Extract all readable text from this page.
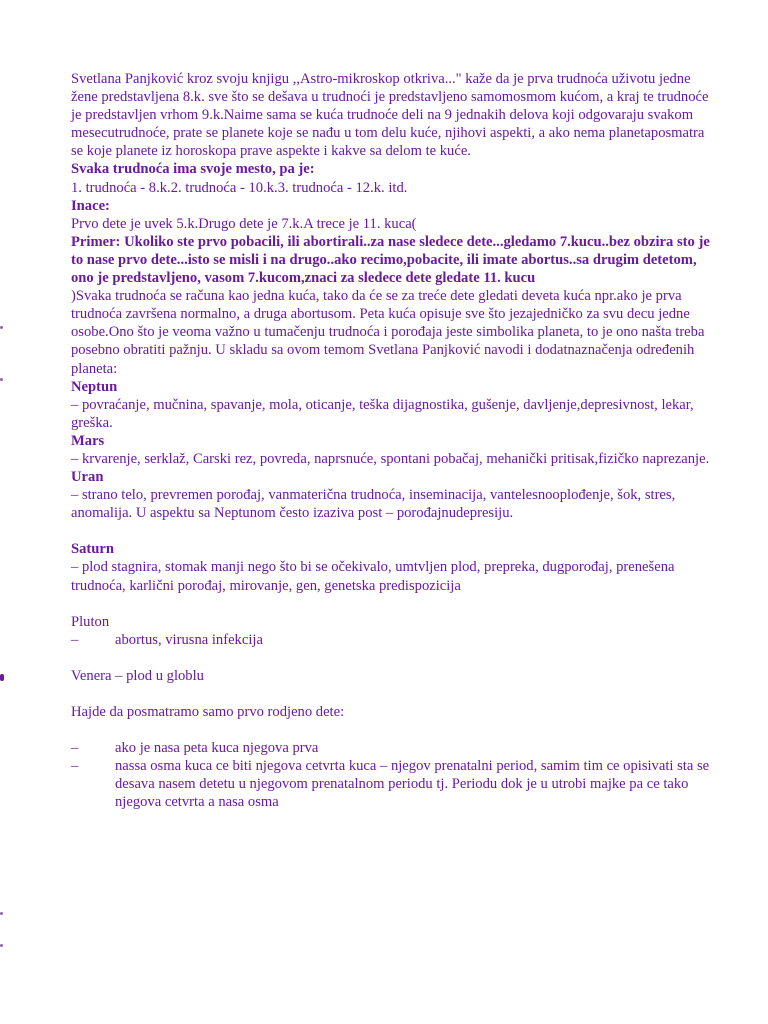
Svetlana Panjković kroz svoju knjigu ,,Astro-mikroskop otkriva..." kaže da je prva trudnoća uživotu jedne žene predstavljena 8.k. sve što se dešava u trudnoći je predstavljeno samomosmom kućom, a kraj te trudnoće je predstavljen vrhom 9.k.Naime sama se kuća trudnoće deli na 9 jednakih delova koji odgovaraju svakom mesecutrudnoće, prate se planete koje se nađu u tom delu kuće, njihovi aspekti, a ako nema planetaposmatra se koje planete iz horoskopa prave aspekte i kakve sa delom te kuće.

Svaka trudnoća ima svoje mesto, pa je:

1. trudnoća - 8.k.2. trudnoća - 10.k.3. trudnoća - 12.k. itd.

Inace:

Prvo dete je uvek 5.k.Drugo dete je 7.k.A trece je 11. kuca(

Primer: Ukoliko ste prvo pobacili, ili abortirali..za nase sledece dete...gledamo 7.kucu..bez obzira sto je to nase prvo dete...isto se misli i na drugo..ako recimo,pobacite, ili imate abortus..sa drugim detetom, ono je predstavljeno, vasom 7.kucom,znaci za sledece dete gledate 11. kucu

)Svaka trudnoća se računa kao jedna kuća, tako da će se za treće dete gledati deveta kuća npr.ako je prva trudnoća završena normalno, a druga abortusom. Peta kuća opisuje sve što jezajedničko za svu decu jedne osobe.Ono što je veoma važno u tumačenju trudnoća i porođaja jeste simbolika planeta, to je ono našta treba posebno obratiti pažnju. U skladu sa ovom temom Svetlana Panjković navodi i dodatnaznačenja određenih planeta:

Neptun

– povraćanje, mučnina, spavanje, mola, oticanje, teška dijagnostika, gušenje, davljenje,depresivnost, lekar, greška.

Mars

– krvarenje, serklaž, Carski rez, povreda, naprsnuće, spontani pobačaj, mehanički pritisak,fizičko naprezanje.

Uran

– strano telo, prevremen porođaj, vanmaterična trudnoća, inseminacija, vantelesnooplođenje, šok, stres, anomalija. U aspektu sa Neptunom često izaziva post – porođajnudepresiju.

Saturn

– plod stagnira, stomak manji nego što bi se očekivalo, umtvljen plod, prepreka, dugporođaj, prenešena trudnoća, karlični porođaj, mirovanje, gen, genetska predispozicija

Pluton

–	abortus, virusna infekcija

Venera – plod u globlu

Hajde da posmatramo samo prvo rodjeno dete:

–	ako je nasa peta kuca njegova prva
–	nassa osma kuca ce biti njegova cetvrta kuca – njegov prenatalni period, samim tim ce opisivati sta se desava nasem detetu u njegovom prenatalnom periodu tj. Periodu dok je u utrobi majke pa ce tako njegova cetvrta a nasa osma
